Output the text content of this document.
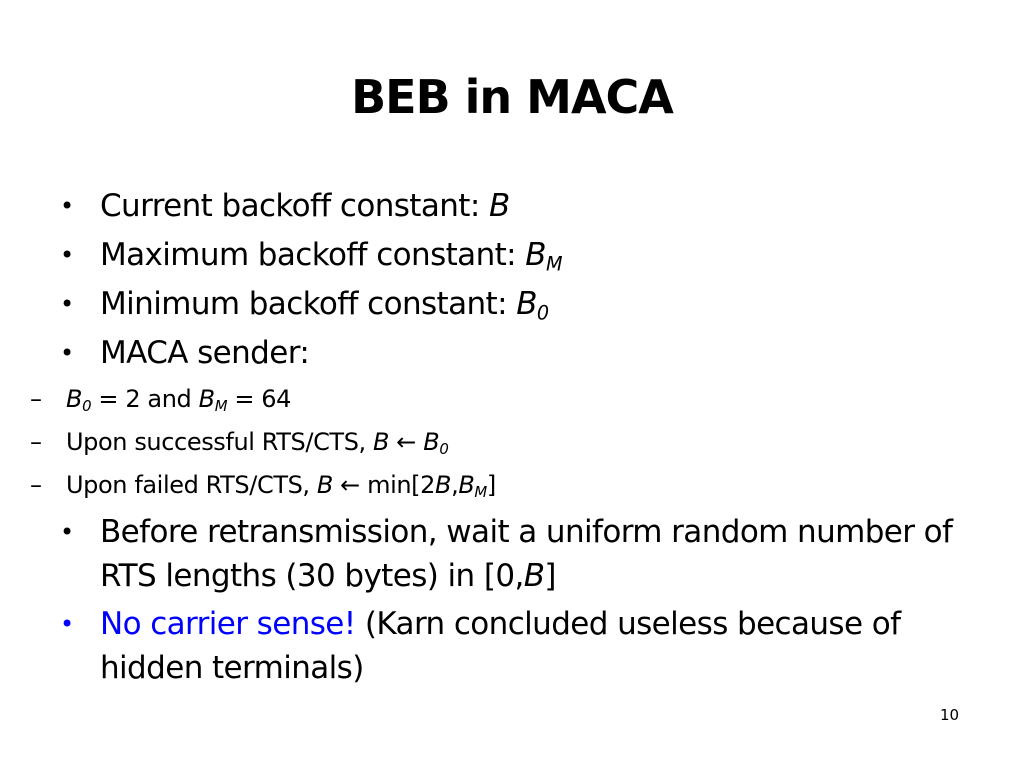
BEB in MACA
• Current backoff constant: B
• Maximum backoff constant: $B_M$
• Minimum backoff constant: $B_0$
• MACA sender:
– $B_0 = 2$ and $B_M = 64$
– Upon successful RTS/CTS, B ← $B_0$
– Upon failed RTS/CTS, B ← $\min[2B,B_M]$
• Before retransmission, wait a uniform random number of RTS lengths (30 bytes) in [0,B]
• No carrier sense! (Karn concluded useless because of hidden terminals)
10
